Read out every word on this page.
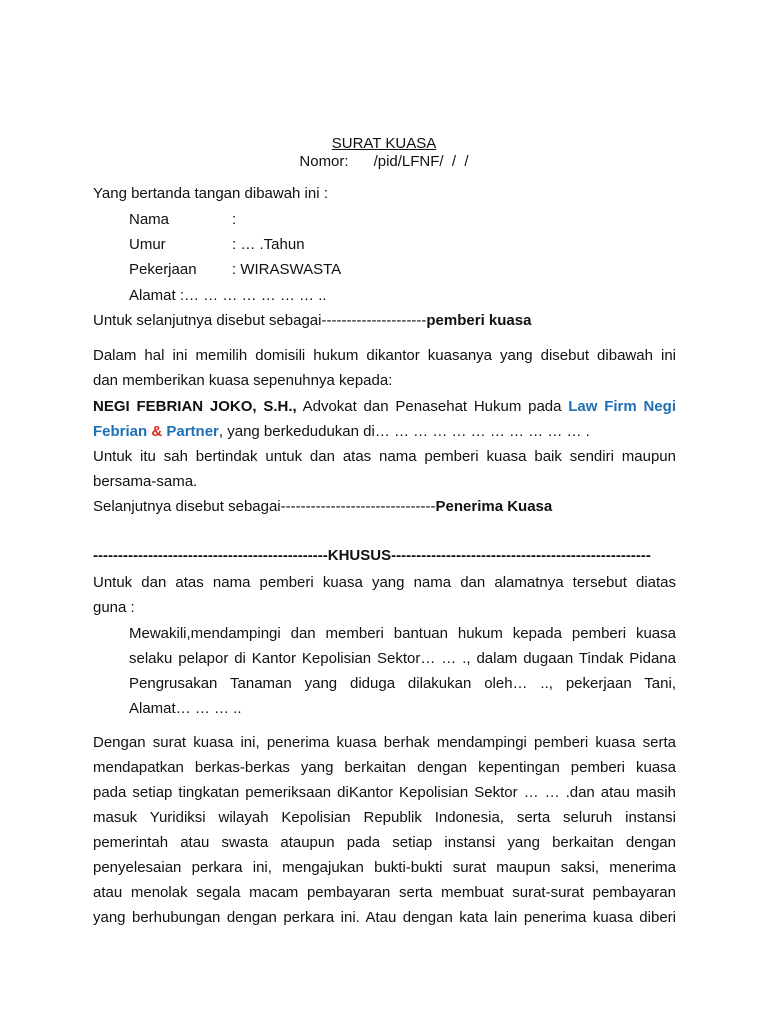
SURAT KUASA
Nomor:      /pid/LFNF/  /  /
Yang bertanda tangan dibawah ini :
Nama	:
Umur	: … .Tahun
Pekerjaan : WIRASWASTA
Alamat :… … … … … … … ..
Untuk selanjutnya disebut sebagai---------------------pemberi kuasa
Dalam hal ini memilih domisili hukum dikantor kuasanya yang disebut dibawah ini
dan memberikan kuasa sepenuhnya kepada:
NEGI FEBRIAN JOKO, S.H., Advokat dan Penasehat Hukum pada Law Firm Negi
Febrian & Partner, yang berkedudukan di… … … … … … … … … … … .
Untuk itu sah bertindak untuk dan atas nama pemberi kuasa baik sendiri maupun
bersama-sama.
Selanjutnya disebut sebagai-------------------------------Penerima Kuasa
-----------------------------------------------KHUSUS----------------------------------------------------
Untuk dan atas nama pemberi kuasa yang nama dan alamatnya tersebut diatas
guna :
Mewakili,mendampingi dan memberi bantuan hukum kepada pemberi kuasa
selaku pelapor di Kantor Kepolisian Sektor… … ., dalam dugaan Tindak Pidana
Pengrusakan Tanaman yang diduga dilakukan oleh… .., pekerjaan Tani,
Alamat… … … ..
Dengan surat kuasa ini, penerima kuasa berhak mendampingi pemberi kuasa serta
mendapatkan berkas-berkas yang berkaitan dengan kepentingan pemberi kuasa
pada setiap tingkatan pemeriksaan diKantor Kepolisian Sektor … … .dan atau masih
masuk Yuridiksi wilayah Kepolisian Republik Indonesia, serta seluruh instansi
pemerintah atau swasta ataupun pada setiap instansi yang berkaitan dengan
penyelesaian perkara ini, mengajukan bukti-bukti surat maupun saksi, menerima
atau menolak segala macam pembayaran serta membuat surat-surat pembayaran
yang berhubungan dengan perkara ini. Atau dengan kata lain penerima kuasa diberi
